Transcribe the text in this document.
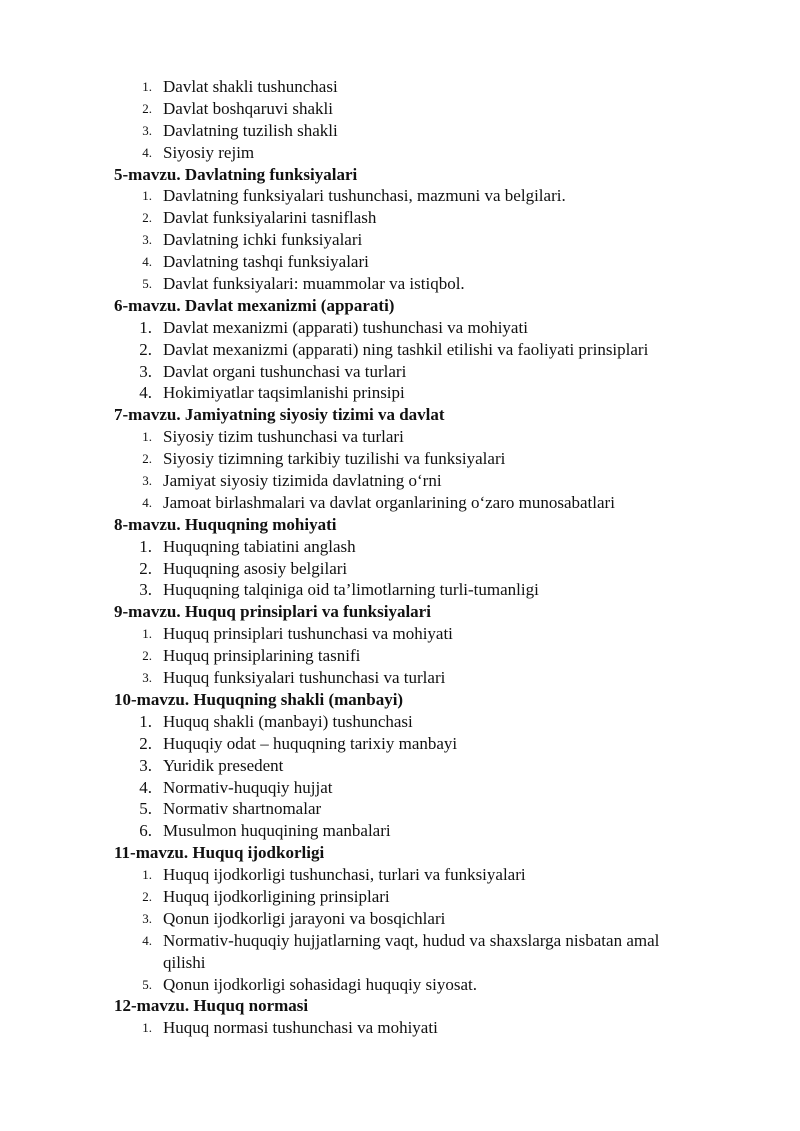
1. Davlat shakli tushunchasi
2. Davlat boshqaruvi shakli
3. Davlatning tuzilish shakli
4. Siyosiy rejim
5-mavzu. Davlatning funksiyalari
1. Davlatning funksiyalari tushunchasi, mazmuni va belgilari.
2. Davlat funksiyalarini tasniflash
3. Davlatning ichki funksiyalari
4. Davlatning tashqi funksiyalari
5. Davlat funksiyalari: muammolar va istiqbol.
6-mavzu. Davlat mexanizmi (apparati)
1. Davlat mexanizmi (apparati) tushunchasi va mohiyati
2. Davlat mexanizmi (apparati) ning tashkil etilishi va faoliyati prinsiplari
3. Davlat organi tushunchasi va turlari
4. Hokimiyatlar taqsimlanishi prinsipi
7-mavzu. Jamiyatning siyosiy tizimi va davlat
1. Siyosiy tizim tushunchasi va turlari
2. Siyosiy tizimning tarkibiy tuzilishi va funksiyalari
3. Jamiyat siyosiy tizimida davlatning o‘rni
4. Jamoat birlashmalari va davlat organlarining o‘zaro munosabatlari
8-mavzu. Huquqning mohiyati
1. Huquqning tabiatini anglash
2. Huquqning asosiy belgilari
3. Huquqning talqiniga oid ta’limotlarning turli-tumanligi
9-mavzu. Huquq prinsiplari va funksiyalari
1. Huquq prinsiplari tushunchasi va mohiyati
2. Huquq prinsiplarining tasnifi
3. Huquq funksiyalari tushunchasi va turlari
10-mavzu. Huquqning shakli (manbayi)
1. Huquq shakli (manbayi) tushunchasi
2. Huquqiy odat – huquqning tarixiy manbayi
3. Yuridik presedent
4. Normativ-huquqiy hujjat
5. Normativ shartnomalar
6. Musulmon huquqining manbalari
11-mavzu. Huquq ijodkorligi
1. Huquq ijodkorligi tushunchasi, turlari va funksiyalari
2. Huquq ijodkorligining prinsiplari
3. Qonun ijodkorligi jarayoni va bosqichlari
4. Normativ-huquqiy hujjatlarning vaqt, hudud va shaxslarga nisbatan amal
qilishi
5. Qonun ijodkorligi sohasidagi huquqiy siyosat.
12-mavzu. Huquq normasi
1. Huquq normasi tushunchasi va mohiyati
